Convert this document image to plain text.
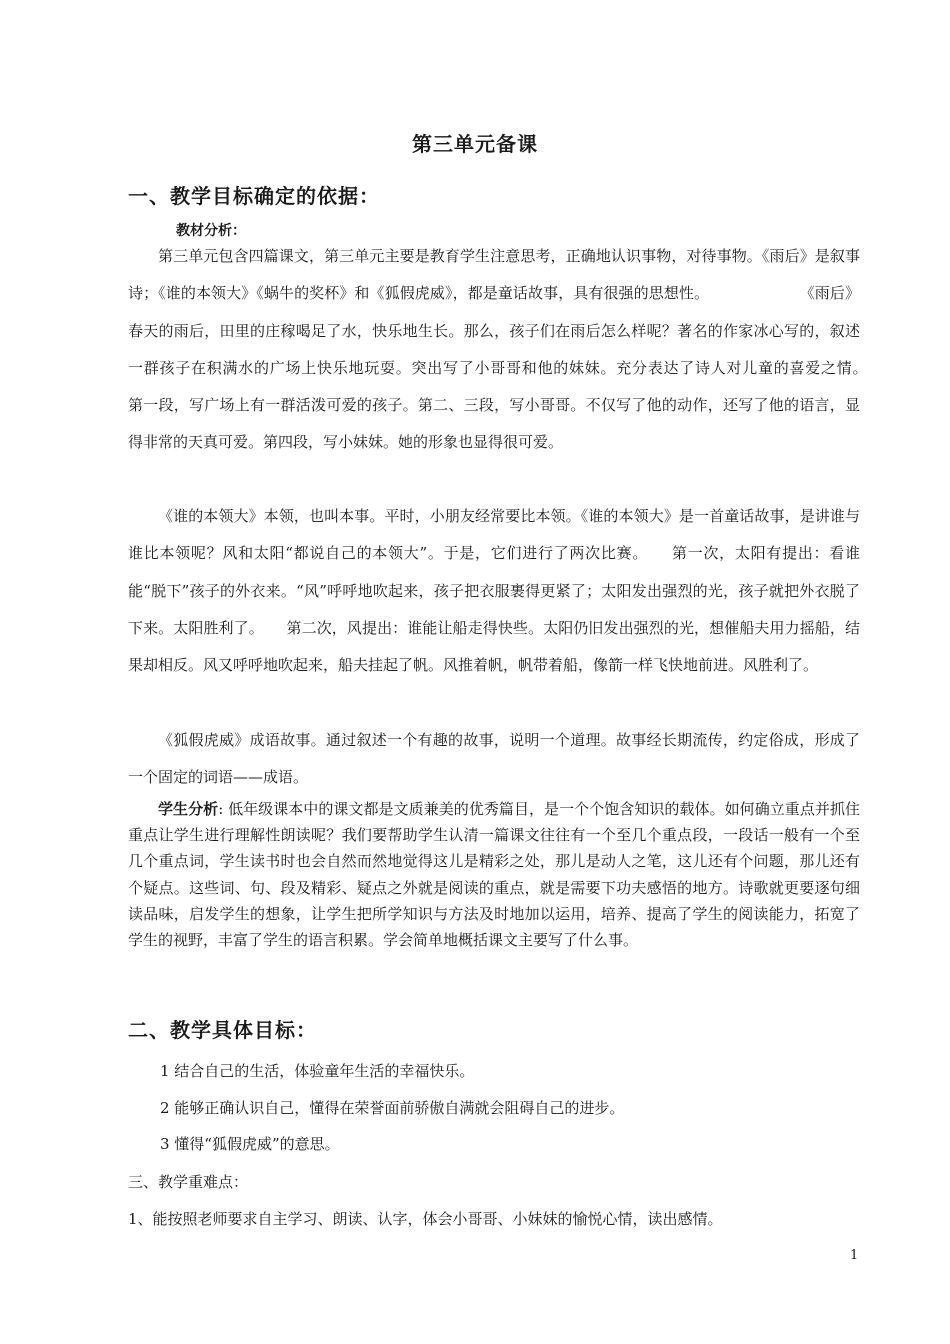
第三单元备课
一、教学目标确定的依据：
教材分析：
第三单元包含四篇课文，第三单元主要是教育学生注意思考，正确地认识事物，对待事物。《雨后》是叙事诗；《谁的本领大》《蜗牛的奖杯》和《狐假虎威》，都是童话故事，具有很强的思想性。　　　　　　　《雨后》春天的雨后，田里的庄稼喝足了水，快乐地生长。那么，孩子们在雨后怎么样呢？著名的作家冰心写的，叙述一群孩子在积满水的广场上快乐地玩耍。突出写了小哥哥和他的妹妹。充分表达了诗人对儿童的喜爱之情。　　第一段，写广场上有一群活泼可爱的孩子。第二、三段，写小哥哥。不仅写了他的动作，还写了他的语言，显得非常的天真可爱。第四段，写小妹妹。她的形象也显得很可爱。
《谁的本领大》本领，也叫本事。平时，小朋友经常要比本领。《谁的本领大》是一首童话故事，是讲谁与谁比本领呢？风和太阳“都说自己的本领大”。于是，它们进行了两次比赛。　　第一次，太阳有提出：看谁能“脱下”孩子的外衣来。“风”呼呼地吹起来，孩子把衣服裹得更紧了；太阳发出强烈的光，孩子就把外衣脱了下来。太阳胜利了。　　第二次，风提出：谁能让船走得快些。太阳仍旧发出强烈的光，想催船夫用力摇船，结果却相反。风又呼呼地吹起来，船夫挂起了帆。风推着帆，帆带着船，像箭一样飞快地前进。风胜利了。
《狐假虎威》成语故事。通过叙述一个有趣的故事，说明一个道理。故事经长期流传，约定俗成，形成了一个固定的词语——成语。
学生分析: 低年级课本中的课文都是文质兼美的优秀篇目，是一个个饱含知识的载体。如何确立重点并抓住重点让学生进行理解性朗读呢？我们要帮助学生认清一篇课文往往有一个至几个重点段，一段话一般有一个至几个重点词，学生读书时也会自然而然地觉得这儿是精彩之处，那儿是动人之笔，这儿还有个问题，那儿还有个疑点。这些词、句、段及精彩、疑点之外就是阅读的重点，就是需要下功夫感悟的地方。诗歌就更要逐句细读品味，启发学生的想象，让学生把所学知识与方法及时地加以运用，培养、提高了学生的阅读能力，拓宽了学生的视野，丰富了学生的语言积累。学会简单地概括课文主要写了什么事。
二、教学具体目标：
1 结合自己的生活，体验童年生活的幸福快乐。
2 能够正确认识自己，懂得在荣誉面前骄傲自满就会阻碍自己的进步。
3 懂得“狐假虎威”的意思。
三、教学重难点：
1、能按照老师要求自主学习、朗读、认字，体会小哥哥、小妹妹的愉悦心情，读出感情。
1
